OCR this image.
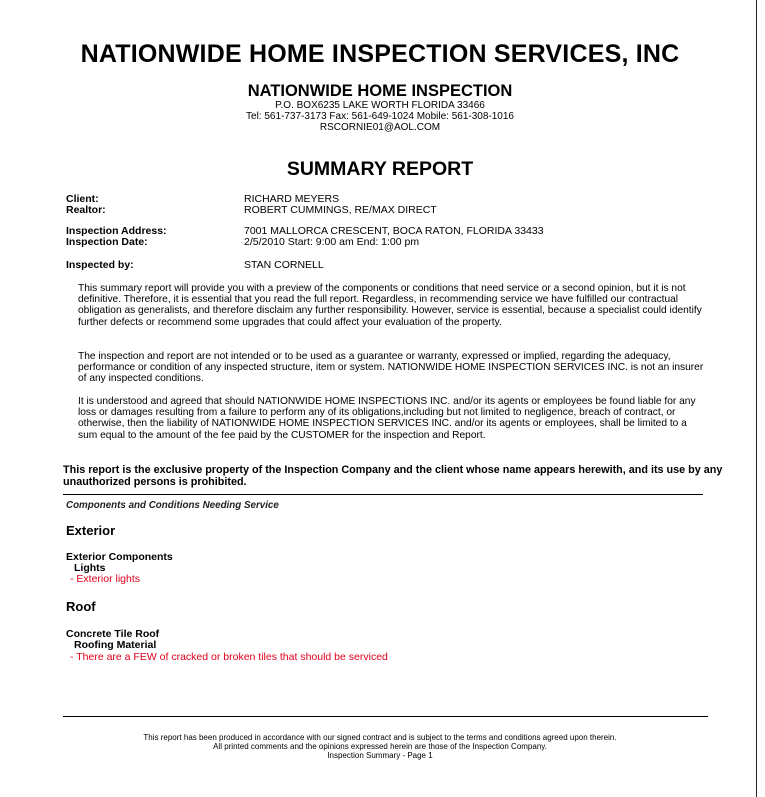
NATIONWIDE HOME INSPECTION SERVICES, INC
NATIONWIDE HOME INSPECTION
P.O. BOX6235 LAKE WORTH FLORIDA 33466
Tel: 561-737-3173 Fax: 561-649-1024 Mobile: 561-308-1016
RSCORNIE01@AOL.COM
SUMMARY REPORT
Client:	RICHARD MEYERS
Realtor:	ROBERT CUMMINGS, RE/MAX DIRECT
Inspection Address:	7001 MALLORCA CRESCENT, BOCA RATON, FLORIDA 33433
Inspection Date:	2/5/2010 Start: 9:00 am End: 1:00 pm
Inspected by:	STAN CORNELL
This summary report will provide you with a preview of the components or conditions that need service or a second opinion, but it is not definitive. Therefore, it is essential that you read the full report. Regardless, in recommending service we have fulfilled our contractual obligation as generalists, and therefore disclaim any further responsibility. However, service is essential, because a specialist could identify further defects or recommend some upgrades that could affect your evaluation of the property.
The inspection and report are not intended or to be used as a guarantee or warranty, expressed or implied, regarding the adequacy, performance or condition of any inspected structure, item or system. NATIONWIDE HOME INSPECTION SERVICES INC. is not an insurer of any inspected conditions.
It is understood and agreed that should NATIONWIDE HOME INSPECTIONS INC. and/or its agents or employees be found liable for any loss or damages resulting from a failure to perform any of its obligations,including but not limited to negligence, breach of contract, or otherwise, then the liability of NATIONWIDE HOME INSPECTION SERVICES INC. and/or its agents or employees, shall be limited to a sum equal to the amount of the fee paid by the CUSTOMER for the inspection and Report.
This report is the exclusive property of the Inspection Company and the client whose name appears herewith, and its use by any unauthorized persons is prohibited.
Components and Conditions Needing Service
Exterior
Exterior Components
Lights
- Exterior lights
Roof
Concrete Tile Roof
Roofing Material
- There are a FEW of cracked or broken tiles that should be serviced
This report has been produced in accordance with our signed contract and is subject to the terms and conditions agreed upon therein.
All printed comments and the opinions expressed herein are those of the Inspection Company.
Inspection Summary - Page 1
